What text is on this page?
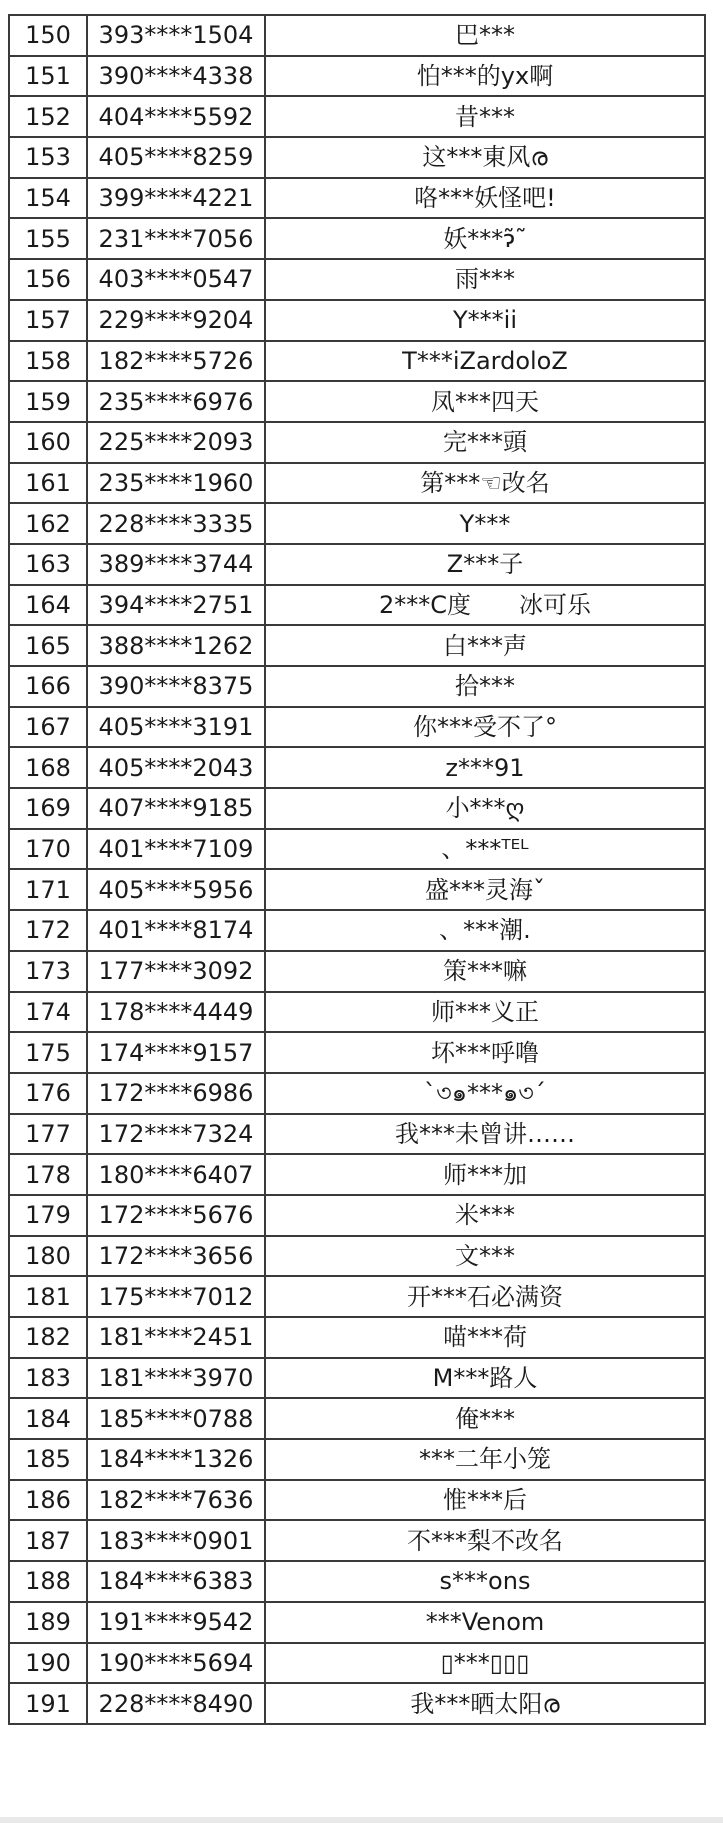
150	393****1504	巴***
151	390****4338	怕***的yx啊
152	404****5592	昔***
153	405****8259	这***東风ര
154	399****4221	咯***妖怪吧!
155	231****7056	妖***ɂ̃˜
156	403****0547	雨***
157	229****9204	Y***ii
158	182****5726	T***iZardoloZ
159	235****6976	凤***四天
160	225****2093	完***頭
161	235****1960	第***☜改名
162	228****3335	Y***
163	389****3744	Z***子
164	394****2751	2***C度　　冰可乐
165	388****1262	白***声
166	390****8375	拾***
167	405****3191	你***受不了°
168	405****2043	z***91
169	407****9185	小***ღ
170	401****7109	、***ᵀᴱᴸ
171	405****5956	盛***灵海ˇ
172	401****8174	、***潮.
173	177****3092	策***嘛
174	178****4449	师***义正
175	174****9157	坏***呼噜
176	172****6986	ˋ৩๑***๑৩ˊ
177	172****7324	我***未曾讲……
178	180****6407	师***加
179	172****5676	米***
180	172****3656	文***
181	175****7012	开***石必满资
182	181****2451	喵***荷
183	181****3970	M***路人
184	185****0788	俺***
185	184****1326	***二年小笼
186	182****7636	惟***后
187	183****0901	不***梨不改名
188	184****6383	s***ons
189	191****9542	***Venom
190	190****5694	▯***▯▯▯
191	228****8490	我***晒太阳ര
